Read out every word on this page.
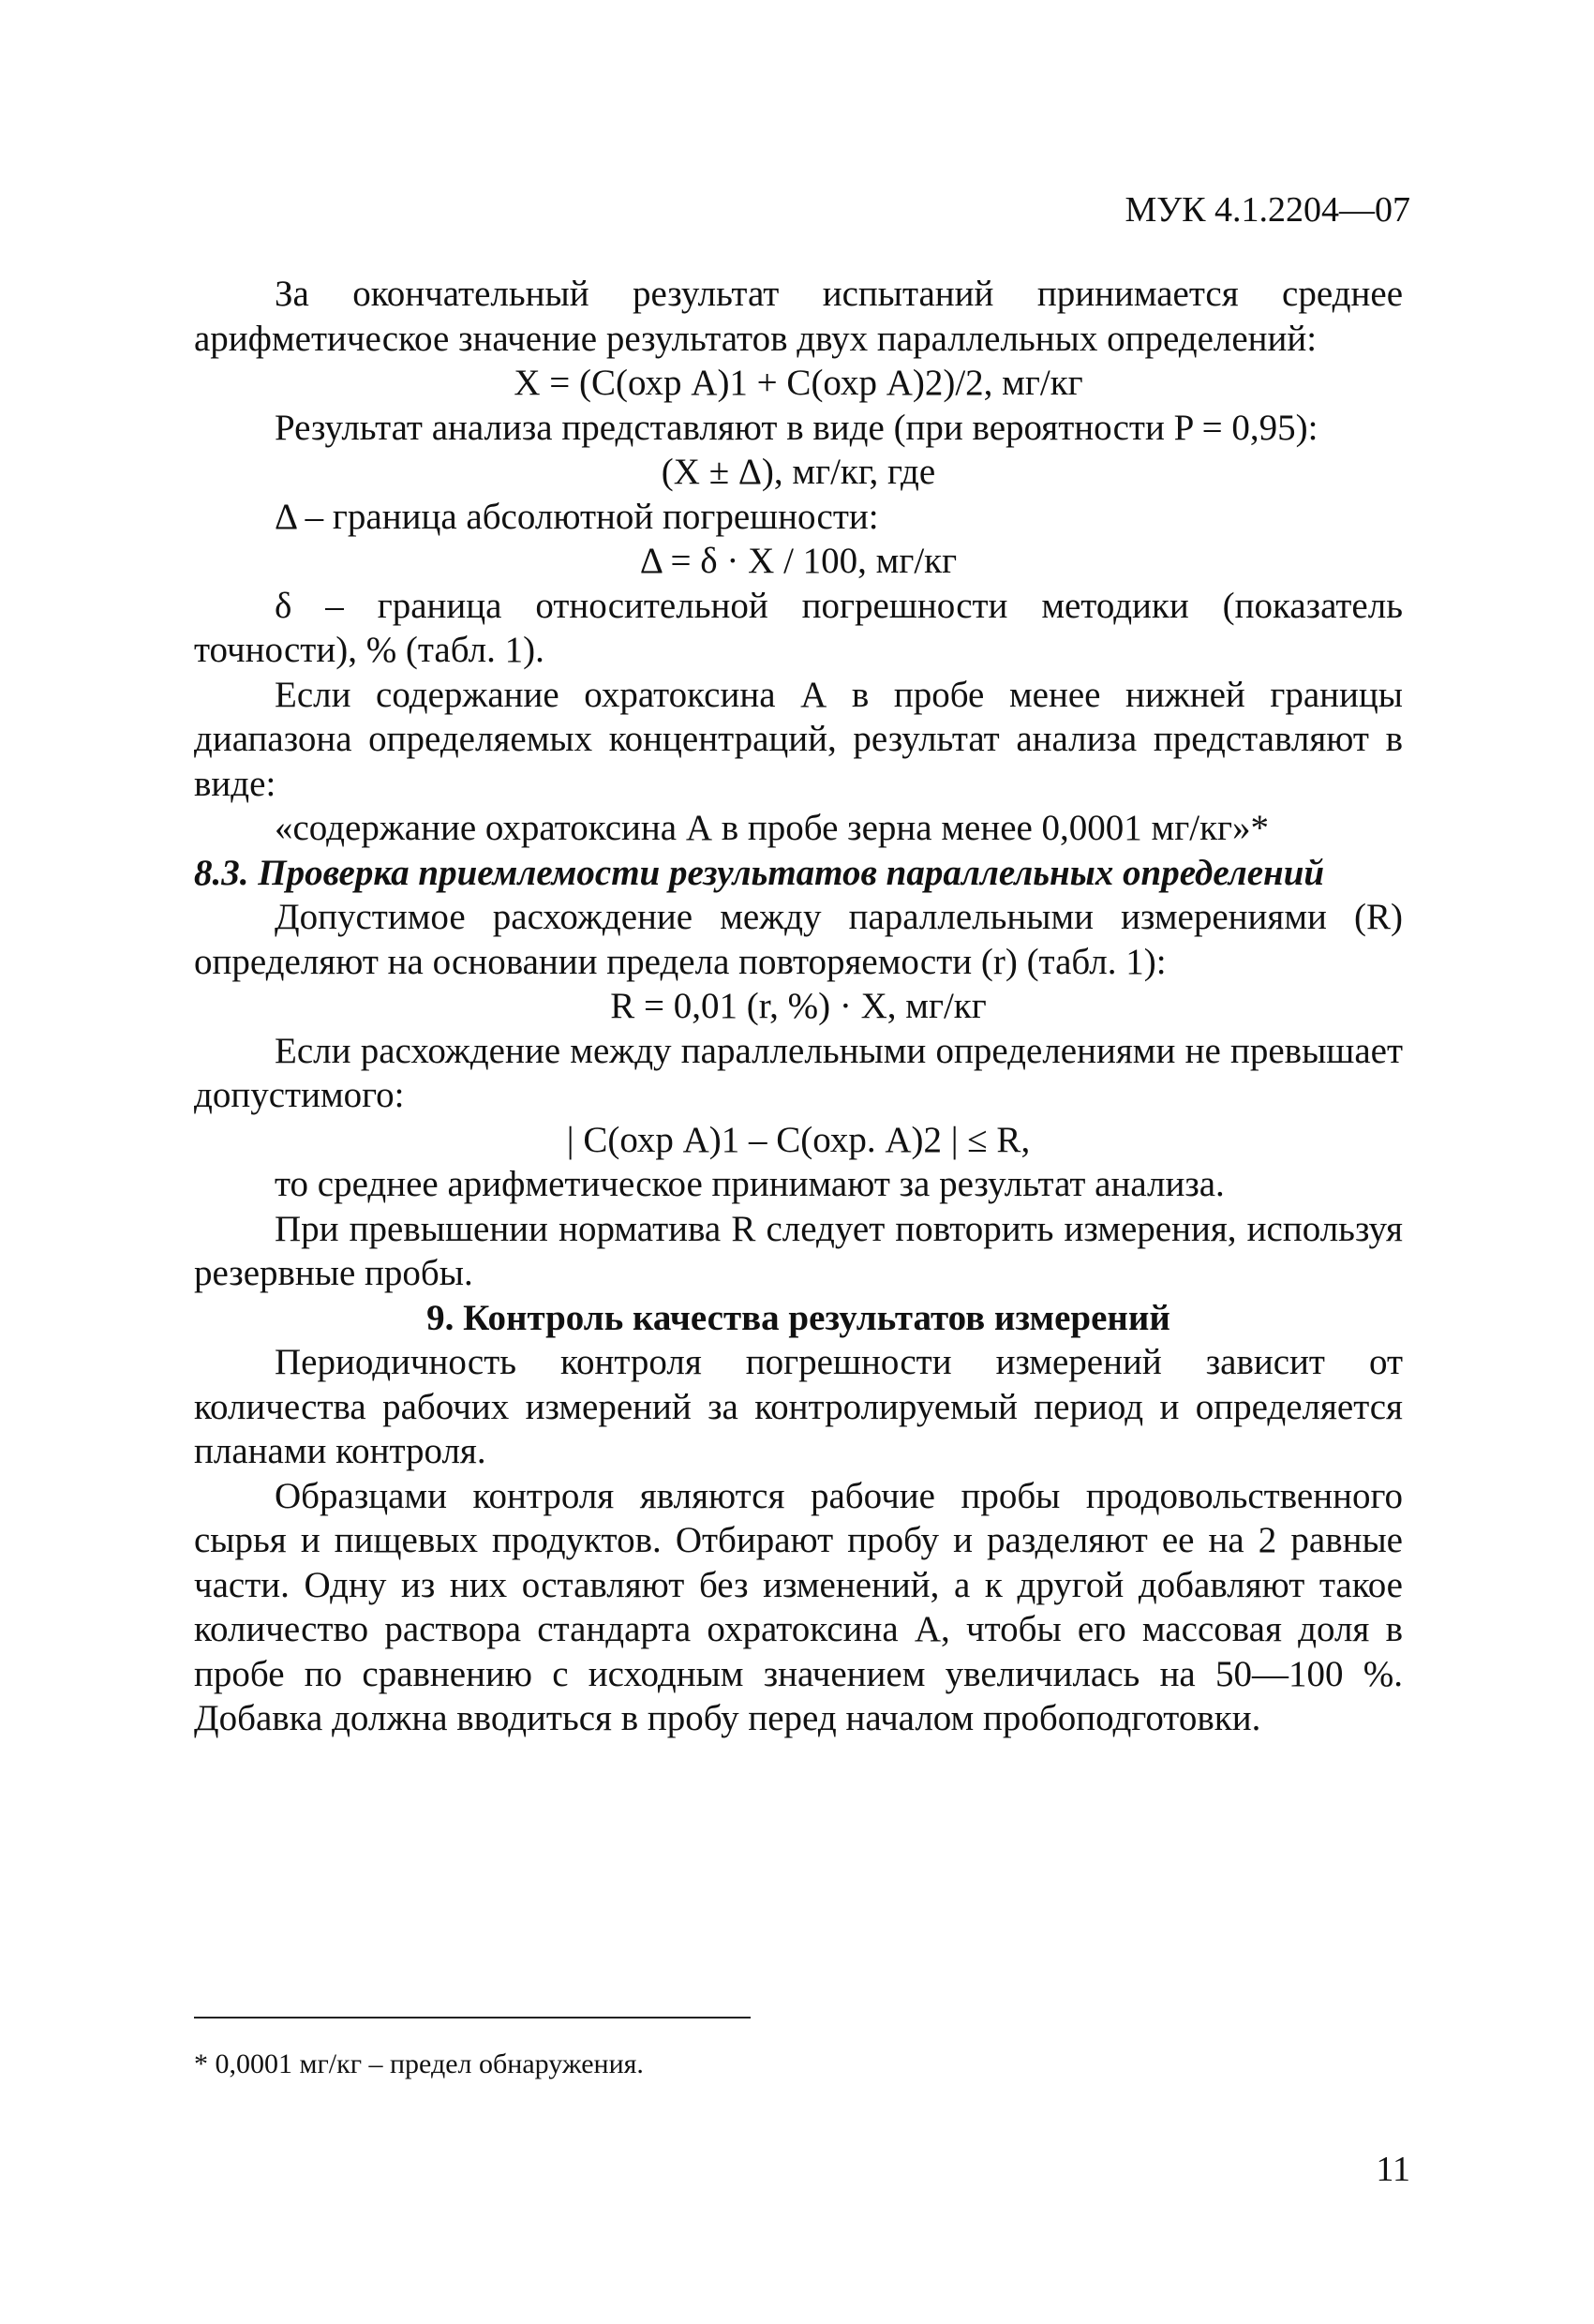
МУК 4.1.2204—07

За окончательный результат испытаний принимается среднее арифметическое значение результатов двух параллельных определений:

X = (C(охр A)1 + C(охр A)2)/2, мг/кг

Результат анализа представляют в виде (при вероятности P = 0,95):

(X ± Δ), мг/кг, где

Δ – граница абсолютной погрешности:

Δ = δ · X / 100, мг/кг

δ – граница относительной погрешности методики (показатель точности), % (табл. 1).

Если содержание охратоксина А в пробе менее нижней границы диапазона определяемых концентраций, результат анализа представляют в виде:

«содержание охратоксина А в пробе зерна менее 0,0001 мг/кг»*

8.3. Проверка приемлемости результатов параллельных определений

Допустимое расхождение между параллельными измерениями (R) определяют на основании предела повторяемости (r) (табл. 1):

R = 0,01 (r, %) · X, мг/кг

Если расхождение между параллельными определениями не превышает допустимого:

| C(охр A)1 – C(охр. A)2 | ≤ R,

то среднее арифметическое принимают за результат анализа.

При превышении норматива R следует повторить измерения, используя резервные пробы.

9. Контроль качества результатов измерений

Периодичность контроля погрешности измерений зависит от количества рабочих измерений за контролируемый период и определяется планами контроля.

Образцами контроля являются рабочие пробы продовольственного сырья и пищевых продуктов. Отбирают пробу и разделяют ее на 2 равные части. Одну из них оставляют без изменений, а к другой добавляют такое количество раствора стандарта охратоксина А, чтобы его массовая доля в пробе по сравнению с исходным значением увеличилась на 50—100 %. Добавка должна вводиться в пробу перед началом пробоподготовки.

* 0,0001 мг/кг – предел обнаружения.
11
